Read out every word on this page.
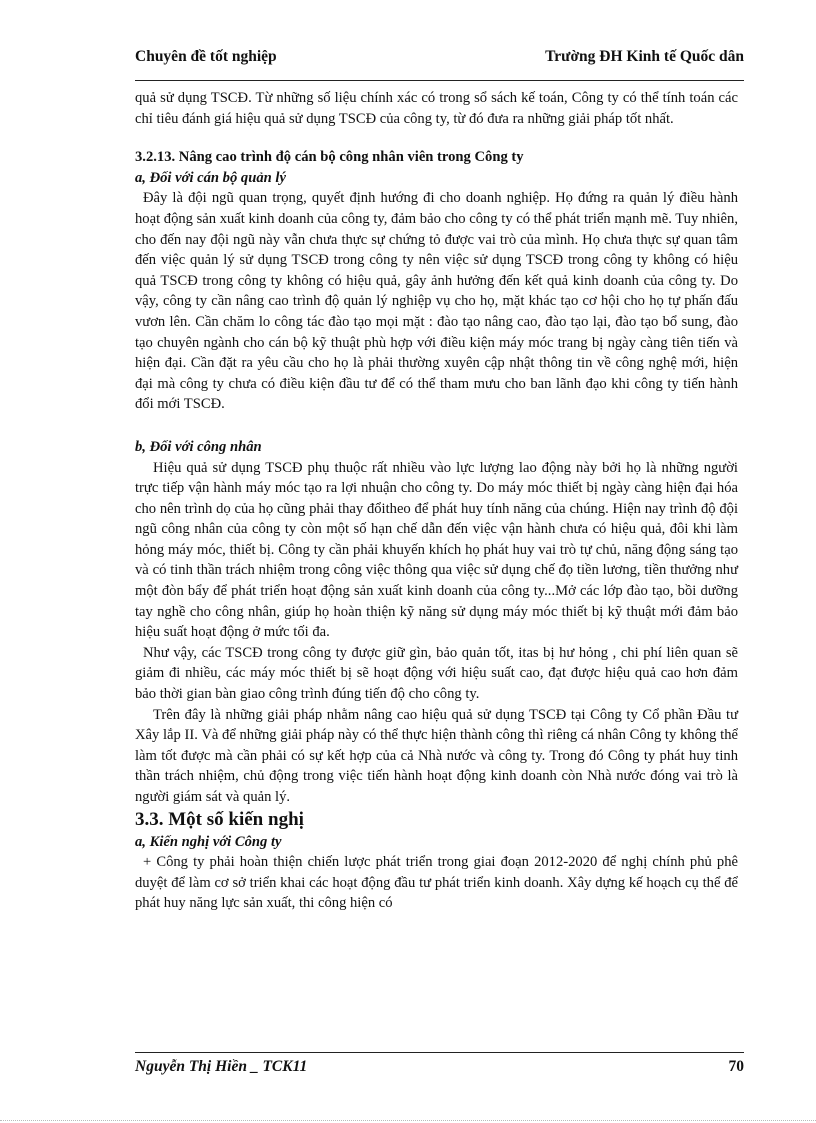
Chuyên đề tốt nghiệp	Trường ĐH Kinh tế Quốc dân

quả sử dụng TSCĐ. Từ những số liệu chính xác có trong sổ sách kế toán, Công ty có thể tính toán các chỉ tiêu đánh giá hiệu quả sử dụng TSCĐ của công ty, từ đó đưa ra những giải pháp tốt nhất.

3.2.13. Nâng cao trình độ cán bộ công nhân viên trong Công ty

a, Đối với cán bộ quản lý

Đây là đội ngũ quan trọng, quyết định hướng đi cho doanh nghiệp. Họ đứng ra quản lý điều hành hoạt động sản xuất kinh doanh của công ty, đảm bảo cho công ty có thể phát triển mạnh mẽ. Tuy nhiên, cho đến nay đội ngũ này vẫn chưa thực sự chứng tỏ được vai trò của mình. Họ chưa thực sự quan tâm đến việc quản lý sử dụng TSCĐ trong công ty nên việc sử dụng TSCĐ trong công ty không có hiệu quả TSCĐ trong công ty không có hiệu quả, gây ảnh hưởng đến kết quả kinh doanh của công ty. Do vậy, công ty cần nâng cao trình độ quản lý nghiệp vụ cho họ, mặt khác tạo cơ hội cho họ tự phấn đấu vươn lên. Cần chăm lo công tác đào tạo mọi mặt : đào tạo nâng cao, đào tạo lại, đào tạo bổ sung, đào tạo chuyên ngành cho cán bộ kỹ thuật phù hợp với điều kiện máy móc trang bị ngày càng tiên tiến và hiện đại. Cần đặt ra yêu cầu cho họ là phải thường xuyên cập nhật thông tin về công nghệ mới, hiện đại mà công ty chưa có điều kiện đầu tư để có thể tham mưu cho ban lãnh đạo khi công ty tiến hành đổi mới TSCĐ.

b, Đối với công nhân

Hiệu quả sử dụng TSCĐ phụ thuộc rất nhiều vào lực lượng lao động này bởi họ là những người trực tiếp vận hành máy móc tạo ra lợi nhuận cho công ty. Do máy móc thiết bị ngày càng hiện đại hóa cho nên trình dọ của họ cũng phải thay đổitheo để phát huy tính năng của chúng. Hiện nay trình độ đội ngũ công nhân của công ty còn một số hạn chế dẫn đến việc vận hành chưa có hiệu quả, đôi khi làm hỏng máy móc, thiết bị. Công ty cần phải khuyến khích họ phát huy vai trò tự chủ, năng động sáng tạo và có tinh thần trách nhiệm trong công việc thông qua việc sử dụng chế đọ tiền lương, tiền thưởng như một đòn bẩy để phát triển hoạt động sản xuất kinh doanh của công ty...Mở các lớp đào tạo, bồi dưỡng tay nghề cho công nhân, giúp họ hoàn thiện kỹ năng sử dụng máy móc thiết bị kỹ thuật mới đảm bảo hiệu suất hoạt động ở mức tối đa.

Như vậy, các TSCĐ trong công ty được giữ gìn, bảo quản tốt, itas bị hư hỏng , chi phí liên quan sẽ giảm đi nhiều, các máy móc thiết bị sẽ hoạt động với hiệu suất cao, đạt được hiệu quả cao hơn đảm bảo thời gian bàn giao công trình đúng tiến độ cho công ty.

Trên đây là những giải pháp nhằm nâng cao hiệu quả sử dụng TSCĐ tại Công ty Cổ phần Đầu tư Xây lắp II. Và để những giải pháp này có thể thực hiện thành công thì riêng cá nhân Công ty không thể làm tốt được mà cần phải có sự kết hợp của cả Nhà nước và công ty. Trong đó Công ty phát huy tinh thần trách nhiệm, chủ động trong việc tiến hành hoạt động kinh doanh còn Nhà nước đóng vai trò là người giám sát và quản lý.

3.3. Một số kiến nghị

a, Kiến nghị với Công ty

+ Công ty phải hoàn thiện chiến lược phát triển trong giai đoạn 2012-2020 để nghị chính phủ phê duyệt để làm cơ sở triển khai các hoạt động đầu tư phát triển kinh doanh. Xây dựng kế hoạch cụ thể để phát huy năng lực sản xuất, thi công hiện có

Nguyễn Thị Hiền _ TCK11	70
